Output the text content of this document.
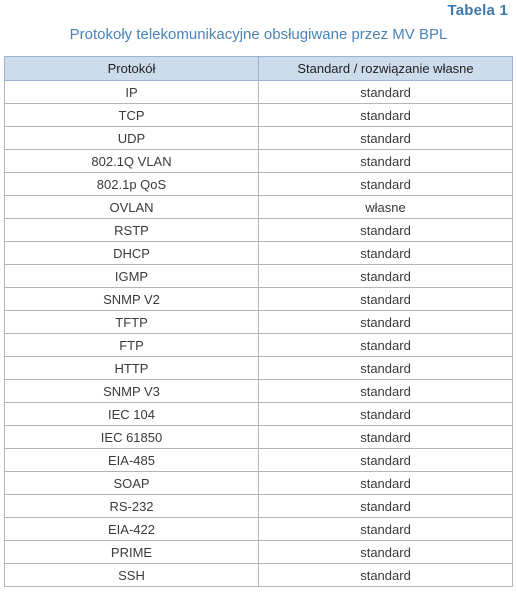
Tabela 1
Protokoły telekomunikacyjne obsługiwane przez MV BPL
Protokół	Standard / rozwiązanie własne
IP	standard
TCP	standard
UDP	standard
802.1Q VLAN	standard
802.1p QoS	standard
OVLAN	własne
RSTP	standard
DHCP	standard
IGMP	standard
SNMP V2	standard
TFTP	standard
FTP	standard
HTTP	standard
SNMP V3	standard
IEC 104	standard
IEC 61850	standard
EIA-485	standard
SOAP	standard
RS-232	standard
EIA-422	standard
PRIME	standard
SSH	standard
